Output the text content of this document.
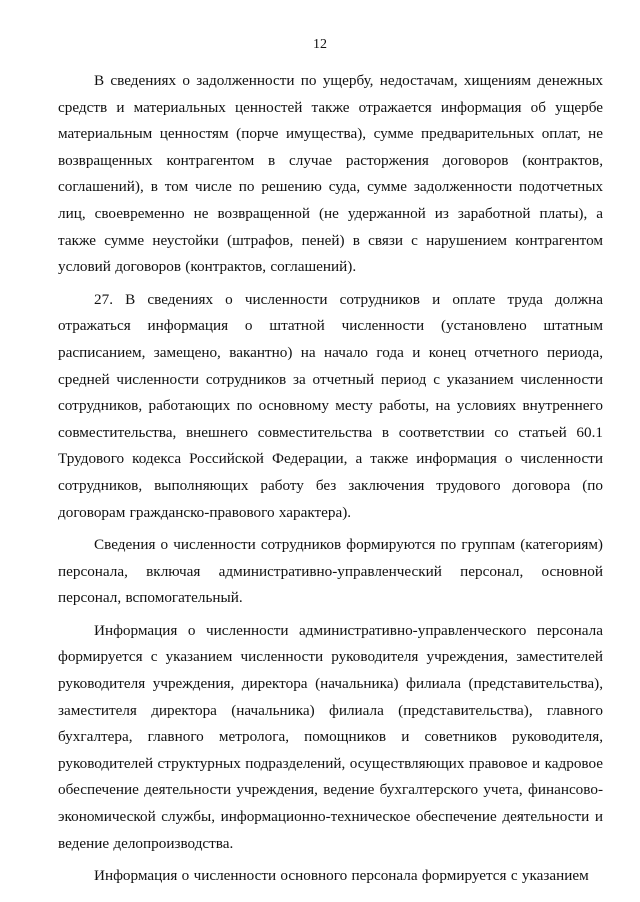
12

В сведениях о задолженности по ущербу, недостачам, хищениям денежных средств и материальных ценностей также отражается информация об ущербе материальным ценностям (порче имущества), сумме предварительных оплат, не возвращенных контрагентом в случае расторжения договоров (контрактов, соглашений), в том числе по решению суда, сумме задолженности подотчетных лиц, своевременно не возвращенной (не удержанной из заработной платы), а также сумме неустойки (штрафов, пеней) в связи с нарушением контрагентом условий договоров (контрактов, соглашений).

27. В сведениях о численности сотрудников и оплате труда должна отражаться информация о штатной численности (установлено штатным расписанием, замещено, вакантно) на начало года и конец отчетного периода, средней численности сотрудников за отчетный период с указанием численности сотрудников, работающих по основному месту работы, на условиях внутреннего совместительства, внешнего совместительства в соответствии со статьей 60.1 Трудового кодекса Российской Федерации, а также информация о численности сотрудников, выполняющих работу без заключения трудового договора (по договорам гражданско-правового характера).

Сведения о численности сотрудников формируются по группам (категориям) персонала, включая административно-управленческий персонал, основной персонал, вспомогательный.

Информация о численности административно-управленческого персонала формируется с указанием численности руководителя учреждения, заместителей руководителя учреждения, директора (начальника) филиала (представительства), заместителя директора (начальника) филиала (представительства), главного бухгалтера, главного метролога, помощников и советников руководителя, руководителей структурных подразделений, осуществляющих правовое и кадровое обеспечение деятельности учреждения, ведение бухгалтерского учета, финансово-экономической службы, информационно-техническое обеспечение деятельности и ведение делопроизводства.

Информация о численности основного персонала формируется с указанием
